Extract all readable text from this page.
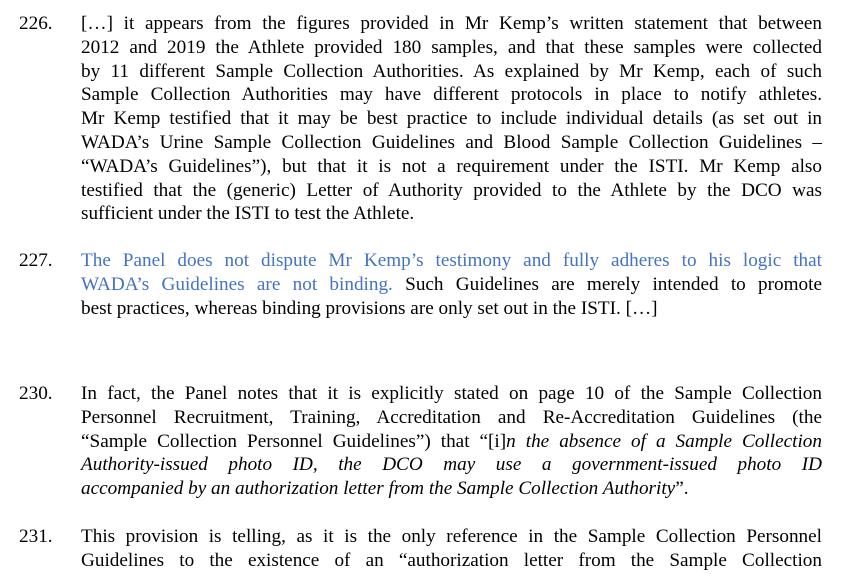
226. […] it appears from the figures provided in Mr Kemp’s written statement that between
2012 and 2019 the Athlete provided 180 samples, and that these samples were collected
by 11 different Sample Collection Authorities. As explained by Mr Kemp, each of such
Sample Collection Authorities may have different protocols in place to notify athletes.
Mr Kemp testified that it may be best practice to include individual details (as set out in
WADA’s Urine Sample Collection Guidelines and Blood Sample Collection Guidelines –
“WADA’s Guidelines”), but that it is not a requirement under the ISTI. Mr Kemp also
testified that the (generic) Letter of Authority provided to the Athlete by the DCO was
sufficient under the ISTI to test the Athlete.
227. The Panel does not dispute Mr Kemp’s testimony and fully adheres to his logic that
WADA’s Guidelines are not binding. Such Guidelines are merely intended to promote
best practices, whereas binding provisions are only set out in the ISTI. […]
230. In fact, the Panel notes that it is explicitly stated on page 10 of the Sample Collection
Personnel Recruitment, Training, Accreditation and Re-Accreditation Guidelines (the
“Sample Collection Personnel Guidelines”) that “[i]n the absence of a Sample Collection
Authority-issued photo ID, the DCO may use a government-issued photo ID
accompanied by an authorization letter from the Sample Collection Authority”.
231. This provision is telling, as it is the only reference in the Sample Collection Personnel
Guidelines to the existence of an “authorization letter from the Sample Collection
